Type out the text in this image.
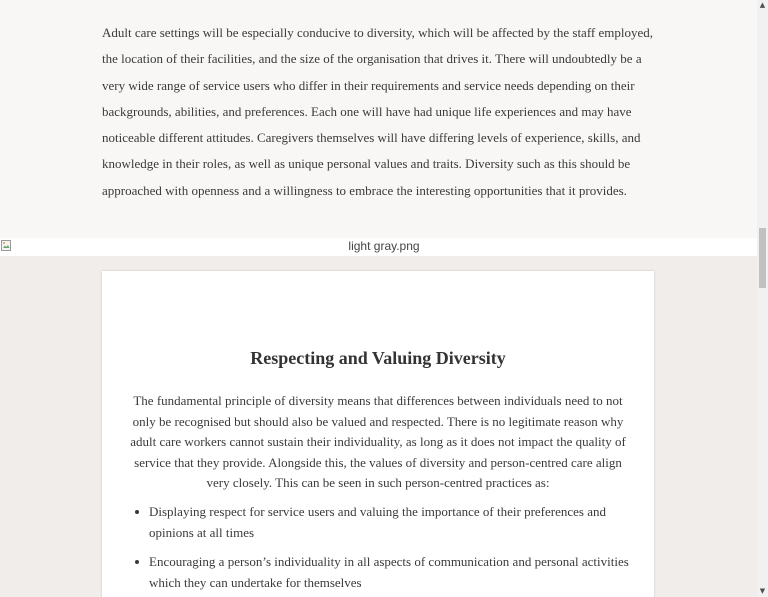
Adult care settings will be especially conducive to diversity, which will be affected by the staff employed, the location of their facilities, and the size of the organisation that drives it. There will undoubtedly be a very wide range of service users who differ in their requirements and service needs depending on their backgrounds, abilities, and preferences. Each one will have had unique life experiences and may have noticeable different attitudes. Caregivers themselves will have differing levels of experience, skills, and knowledge in their roles, as well as unique personal values and traits. Diversity such as this should be approached with openness and a willingness to embrace the interesting opportunities that it provides.

light gray.png
Respecting and Valuing Diversity

The fundamental principle of diversity means that differences between individuals need to not only be recognised but should also be valued and respected. There is no legitimate reason why adult care workers cannot sustain their individuality, as long as it does not impact the quality of service that they provide. Alongside this, the values of diversity and person-centred care align very closely. This can be seen in such person-centred practices as:

Displaying respect for service users and valuing the importance of their preferences and opinions at all times
Encouraging a person’s individuality in all aspects of communication and personal activities which they can undertake for themselves
▲
▼
